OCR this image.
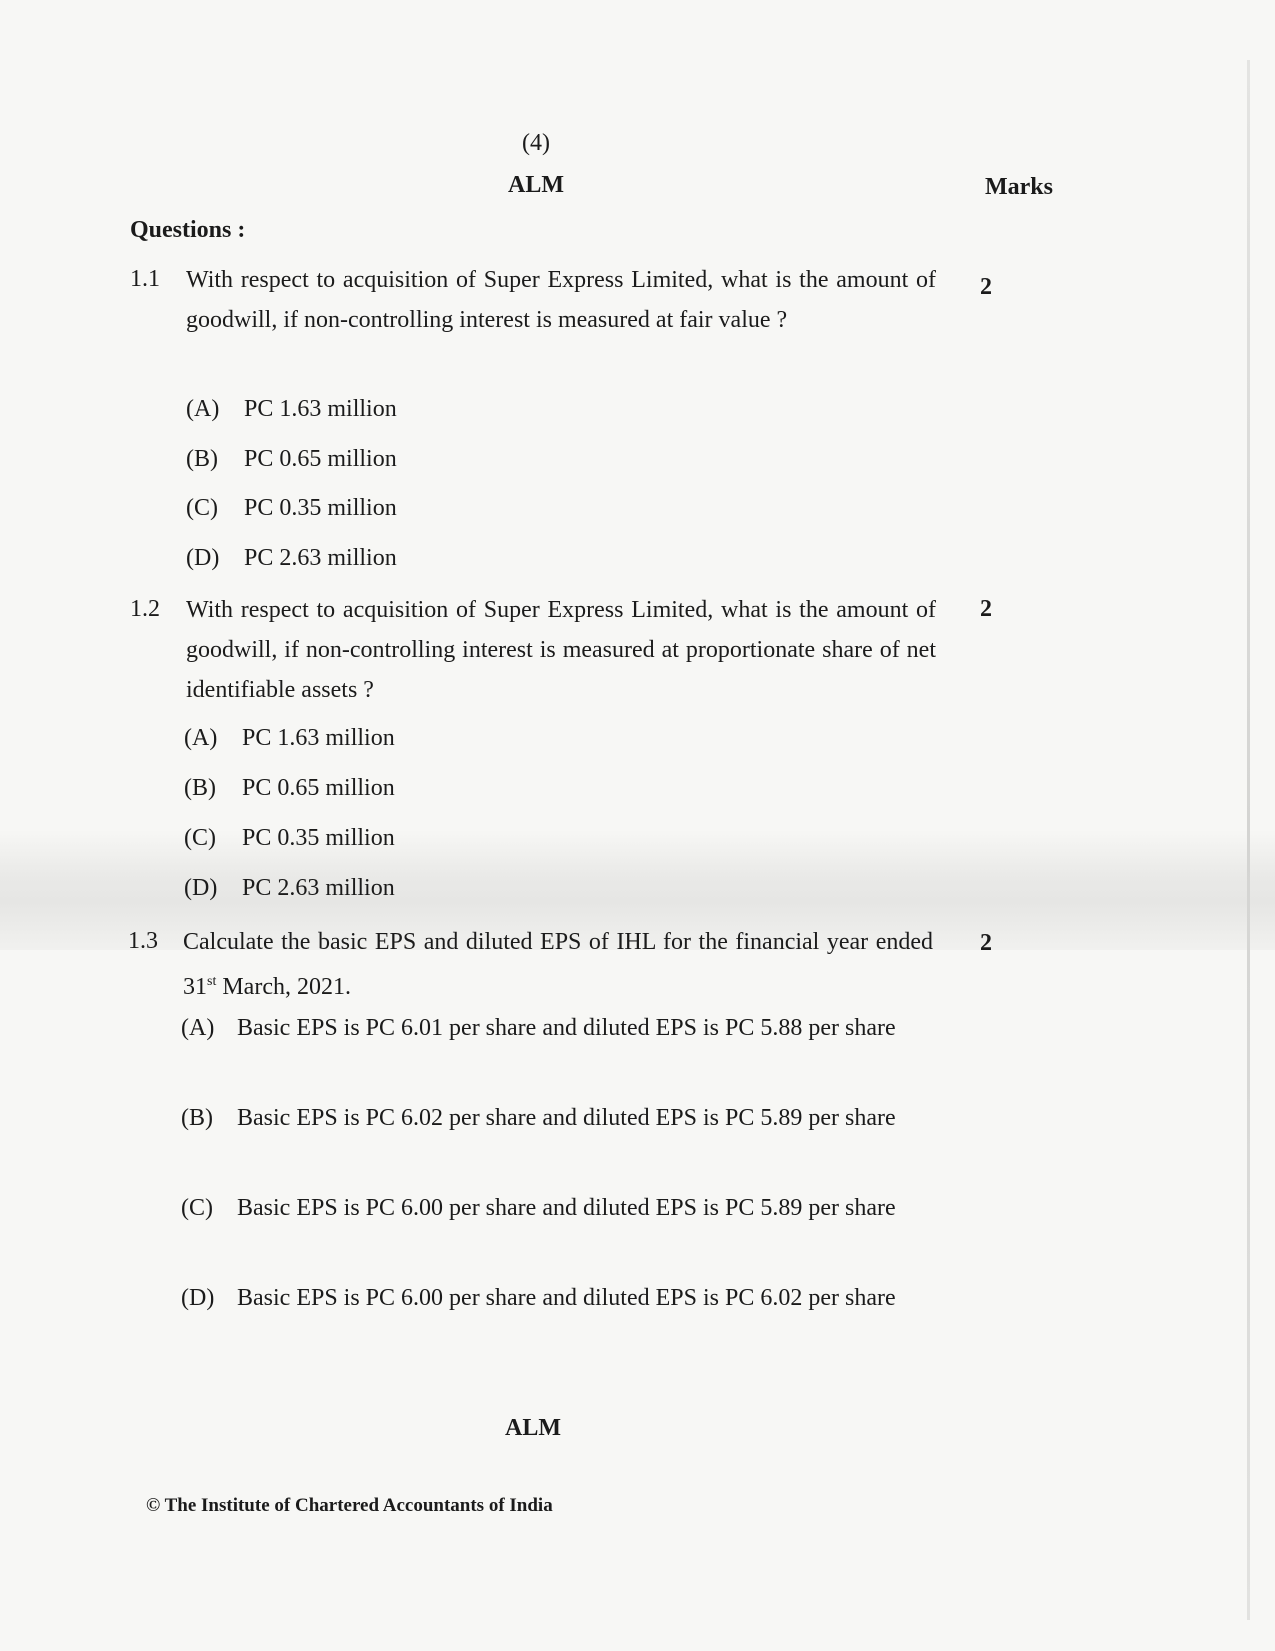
(4)
ALM	Marks
Questions :
1.1 With respect to acquisition of Super Express Limited, what is the amount of goodwill, if non-controlling interest is measured at fair value ?
2
(A) PC 1.63 million
(B) PC 0.65 million
(C) PC 0.35 million
(D) PC 2.63 million
1.2 With respect to acquisition of Super Express Limited, what is the amount of goodwill, if non-controlling interest is measured at proportionate share of net identifiable assets ?
2
(A) PC 1.63 million
(B) PC 0.65 million
(C) PC 0.35 million
(D) PC 2.63 million
1.3 Calculate the basic EPS and diluted EPS of IHL for the financial year ended 31st March, 2021.
2
(A) Basic EPS is PC 6.01 per share and diluted EPS is PC 5.88 per share
(B) Basic EPS is PC 6.02 per share and diluted EPS is PC 5.89 per share
(C) Basic EPS is PC 6.00 per share and diluted EPS is PC 5.89 per share
(D) Basic EPS is PC 6.00 per share and diluted EPS is PC 6.02 per share
ALM
© The Institute of Chartered Accountants of India
